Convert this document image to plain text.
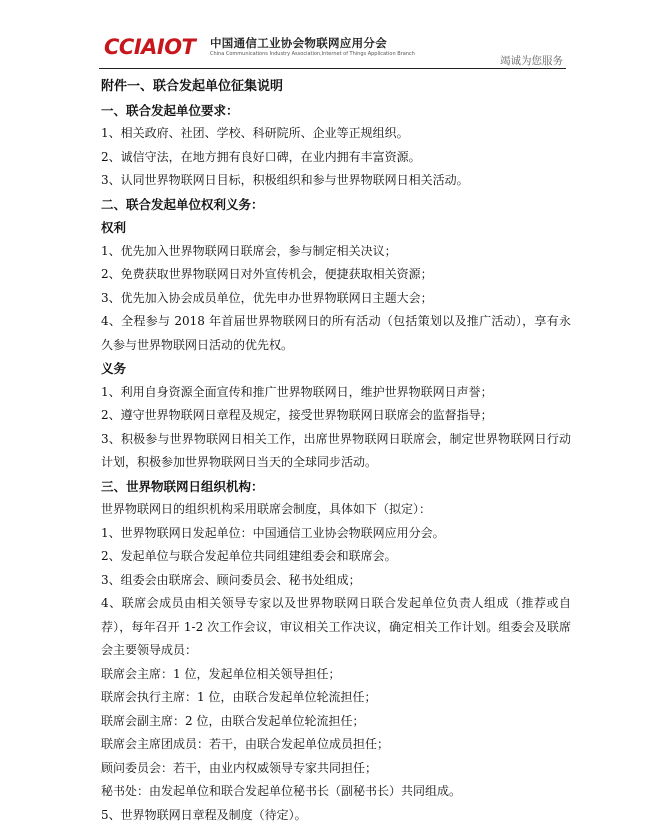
CCIAIOT 中国通信工业协会物联网应用分会
China Communications Industry Association,Internet of Things Application Branch
竭诚为您服务

附件一、联合发起单位征集说明

一、联合发起单位要求：

1、相关政府、社团、学校、科研院所、企业等正规组织。

2、诚信守法，在地方拥有良好口碑，在业内拥有丰富资源。

3、认同世界物联网日目标，积极组织和参与世界物联网日相关活动。

二、联合发起单位权利义务：

权利

1、优先加入世界物联网日联席会，参与制定相关决议；

2、免费获取世界物联网日对外宣传机会，便捷获取相关资源；

3、优先加入协会成员单位，优先申办世界物联网日主题大会；

4、全程参与 2018 年首届世界物联网日的所有活动（包括策划以及推广活动），享有永久参与世界物联网日活动的优先权。

义务

1、利用自身资源全面宣传和推广世界物联网日，维护世界物联网日声誉；

2、遵守世界物联网日章程及规定，接受世界物联网日联席会的监督指导；

3、积极参与世界物联网日相关工作，出席世界物联网日联席会，制定世界物联网日行动计划，积极参加世界物联网日当天的全球同步活动。

三、世界物联网日组织机构：

世界物联网日的组织机构采用联席会制度，具体如下（拟定）：

1、世界物联网日发起单位：中国通信工业协会物联网应用分会。

2、发起单位与联合发起单位共同组建组委会和联席会。

3、组委会由联席会、顾问委员会、秘书处组成；

4、联席会成员由相关领导专家以及世界物联网日联合发起单位负责人组成（推荐或自荐），每年召开 1-2 次工作会议，审议相关工作决议，确定相关工作计划。组委会及联席会主要领导成员：

联席会主席：1 位，发起单位相关领导担任；

联席会执行主席：1 位，由联合发起单位轮流担任；

联席会副主席：2 位，由联合发起单位轮流担任；

联席会主席团成员：若干，由联合发起单位成员担任；

顾问委员会：若干，由业内权威领导专家共同担任；

秘书处：由发起单位和联合发起单位秘书长（副秘书长）共同组成。

5、世界物联网日章程及制度（待定）。
